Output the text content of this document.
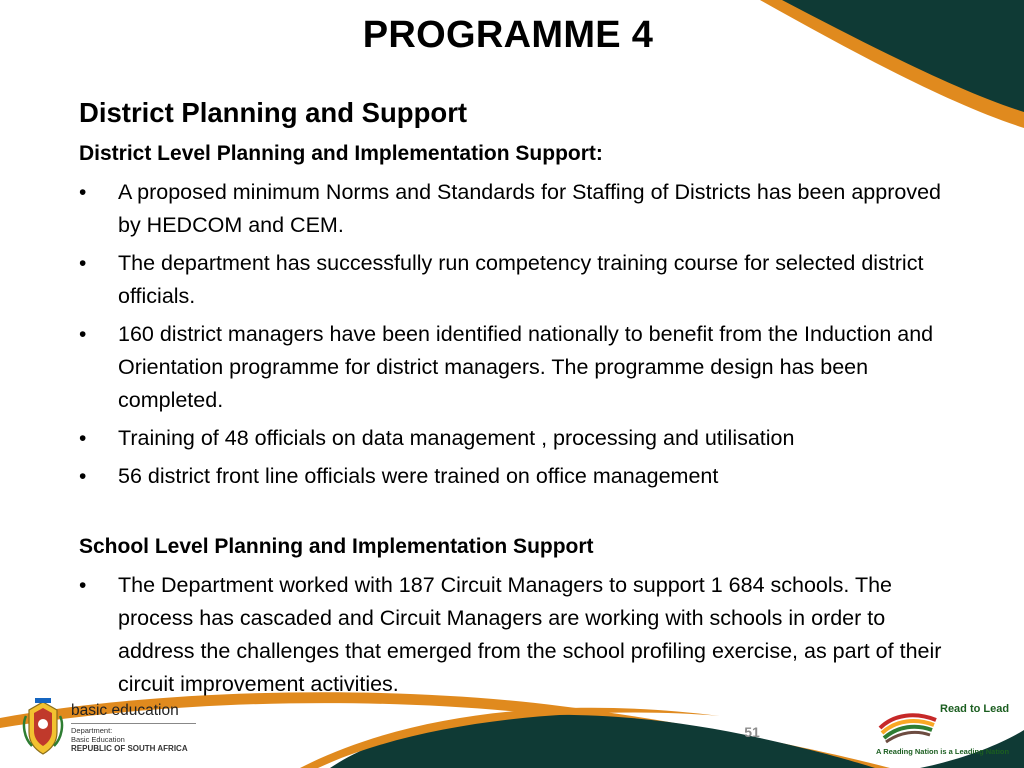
PROGRAMME 4
District Planning and Support
District Level Planning and Implementation Support:
• A proposed minimum Norms and Standards for Staffing of Districts has been approved by HEDCOM and CEM.
• The department has successfully run competency training course for selected district officials.
• 160 district managers have been identified nationally to benefit from the Induction and Orientation programme for district managers. The programme design has been completed.
• Training of 48 officials on data management , processing and utilisation
• 56 district front line officials were trained on office management
School Level Planning and Implementation Support
• The Department worked with 187 Circuit Managers to support 1 684 schools. The process has cascaded and Circuit Managers are working with schools in order to address the challenges that emerged from the school profiling exercise, as part of their circuit improvement activities.
51
basic education
Department:
Basic Education
REPUBLIC OF SOUTH AFRICA
Read to Lead
A Reading Nation is a Leading Nation
